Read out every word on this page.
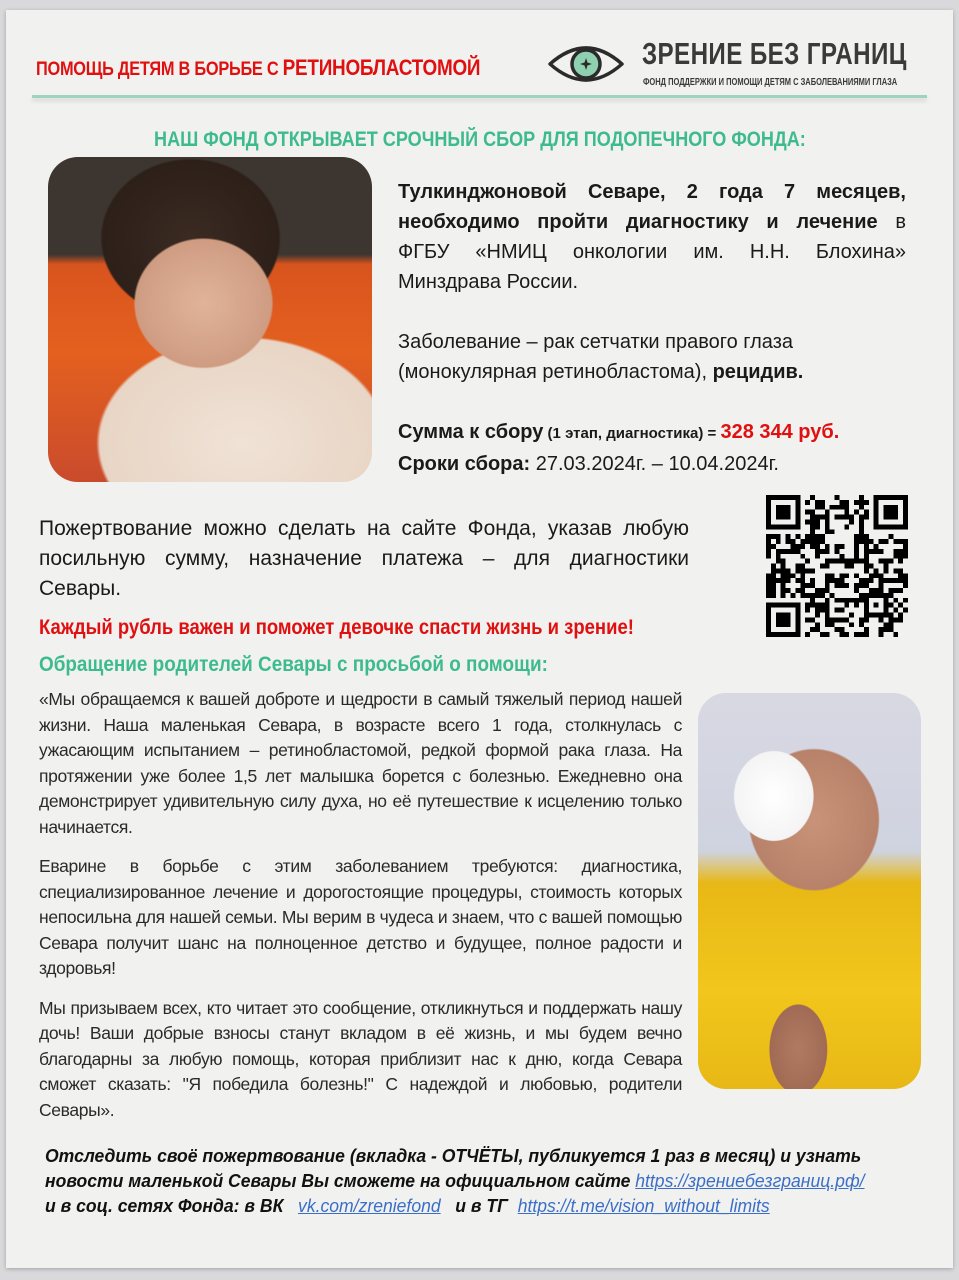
ПОМОЩЬ ДЕТЯМ В БОРЬБЕ С РЕТИНОБЛАСТОМОЙ	ЗРЕНИЕ БЕЗ ГРАНИЦ
ФОНД ПОДДЕРЖКИ И ПОМОЩИ ДЕТЯМ С ЗАБОЛЕВАНИЯМИ ГЛАЗА
НАШ ФОНД ОТКРЫВАЕТ СРОЧНЫЙ СБОР ДЛЯ ПОДОПЕЧНОГО ФОНДА:

Тулкинджоновой Севаре, 2 года 7 месяцев,

необходимо пройти диагностику и лечение в

ФГБУ «НМИЦ онкологии им. Н.Н. Блохина»

Минздрава России.

Заболевание – рак сетчатки правого глаза

(монокулярная ретинобластома), рецидив.

Сумма к сбору (1 этап, диагностика) = 328 344 руб.

Сроки сбора: 27.03.2024г. – 10.04.2024г.

Пожертвование можно сделать на сайте Фонда, указав любую посильную сумму, назначение платежа – для диагностики Севары.

Каждый рубль важен и поможет девочке спасти жизнь и зрение!
Обращение родителей Севары с просьбой о помощи:

«Мы обращаемся к вашей доброте и щедрости в самый тяжелый период нашей жизни. Наша маленькая Севара, в возрасте всего 1 года, столкнулась с ужасающим испытанием – ретинобластомой, редкой формой рака глаза. На протяжении уже более 1,5 лет малышка борется с болезнью. Ежедневно она демонстрирует удивительную силу духа, но её путешествие к исцелению только начинается.

Еварине в борьбе с этим заболеванием требуются: диагностика, специализированное лечение и дорогостоящие процедуры, стоимость которых непосильна для нашей семьи. Мы верим в чудеса и знаем, что с вашей помощью Севара получит шанс на полноценное детство и будущее, полное радости и здоровья!

Мы призываем всех, кто читает это сообщение, откликнуться и поддержать нашу дочь! Ваши добрые взносы станут вкладом в её жизнь, и мы будем вечно благодарны за любую помощь, которая приблизит нас к дню, когда Севара сможет сказать: "Я победила болезнь!" С надеждой и любовью, родители Севары».

Отследить своё пожертвование (вкладка - ОТЧЁТЫ, публикуется 1 раз в месяц) и узнать
новости маленькой Севары Вы сможете на официальном сайте https://зрениебезграниц.рф/
и в соц. сетях Фонда: в ВК   vk.com/zreniefond   и в ТГ  https://t.me/vision_without_limits
